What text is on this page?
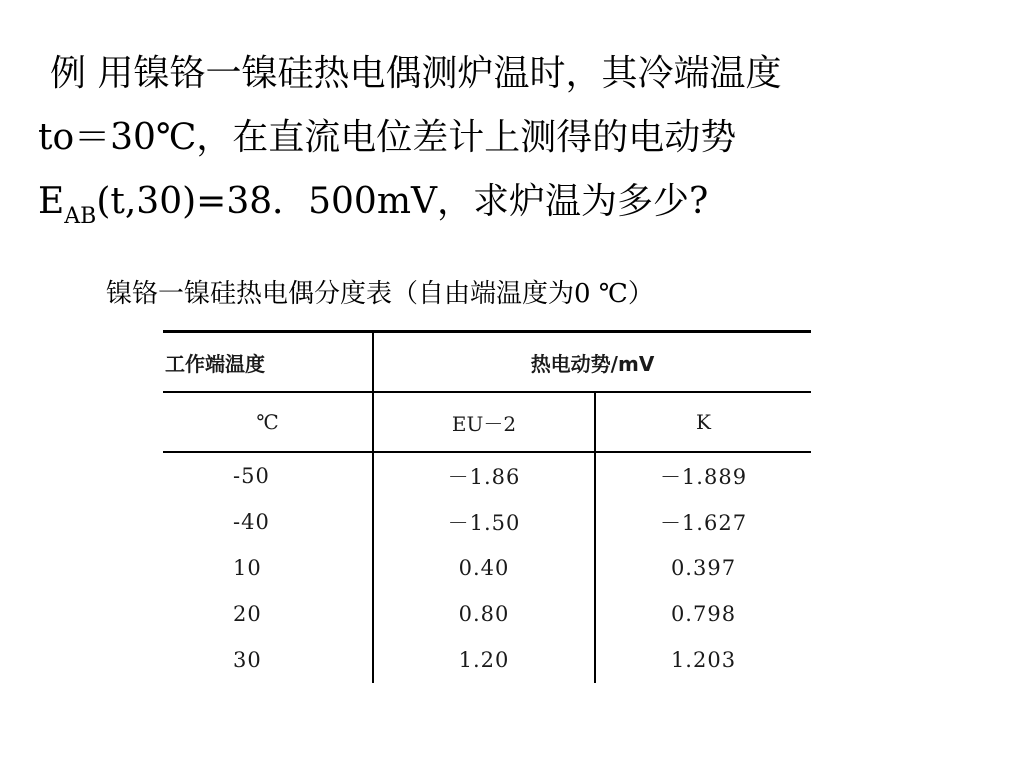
例 用镍铬一镍硅热电偶测炉温时，其冷端温度
to＝30℃，在直流电位差计上测得的电动势
$E_{AB}(t,30)=38$．500mV，求炉温为多少?
镍铬一镍硅热电偶分度表（自由端温度为0 ℃）
工作端温度	热电动势/mV	
℃	EU－2	K
-50	－1.86	－1.889
-40	－1.50	－1.627
10	0.40	0.397
20	0.80	0.798
30	1.20	1.203
